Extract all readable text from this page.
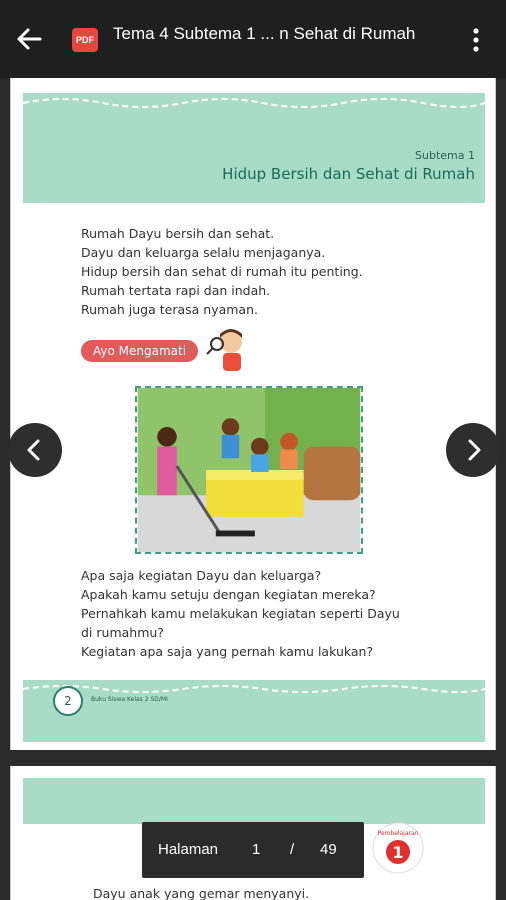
PDF Tema 4 Subtema 1 ... n Sehat di Rumah
Subtema 1
Hidup Bersih dan Sehat di Rumah
Rumah Dayu bersih dan sehat.
Dayu dan keluarga selalu menjaganya.
Hidup bersih dan sehat di rumah itu penting.
Rumah tertata rapi dan indah.
Rumah juga terasa nyaman.
Ayo Mengamati
Apa saja kegiatan Dayu dan keluarga?
Apakah kamu setuju dengan kegiatan mereka?
Pernahkah kamu melakukan kegiatan seperti Dayu
di rumahmu?
Kegiatan apa saja yang pernah kamu lakukan?
2	Buku Siswa Kelas 2 SD/MI
Dayu anak yang gemar menyanyi.
1
Pembelajaran
Halaman 1 / 49
